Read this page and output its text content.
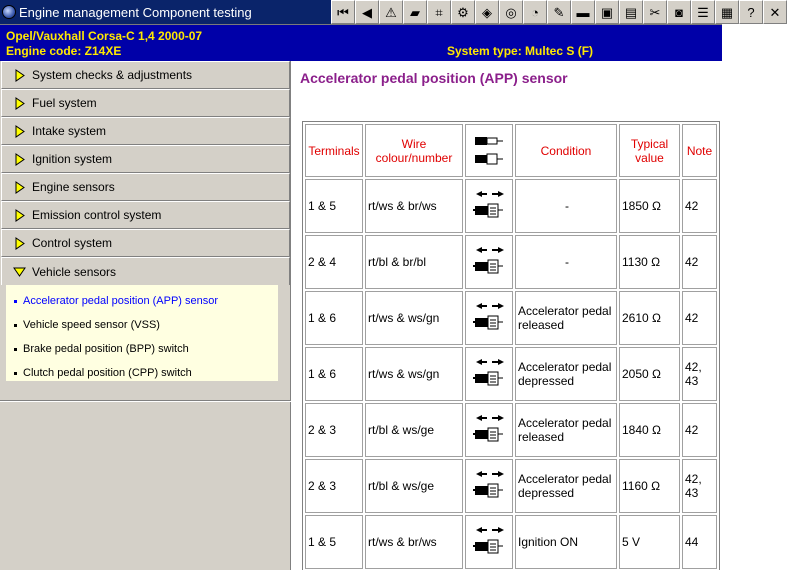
Engine management Component testing	⏮ ◀ ⚠ ▰ ⌗ ⚙ ◈ ◎ ◔ ✎ ▬ ▣ ▤ ✂ ◙ ☰ ▦ ? ✕
Opel/Vauxhall Corsa-C 1,4 2000-07
Engine code: Z14XE	System type: Multec S (F)
System checks & adjustments
Fuel system
Intake system
Ignition system
Engine sensors
Emission control system
Control system
Vehicle sensors
Accelerator pedal position (APP) sensor
Vehicle speed sensor (VSS)
Brake pedal position (BPP) switch
Clutch pedal position (CPP) switch
Accelerator pedal position (APP) sensor
Terminals	Wire colour/number		Condition	Typical value	Note
1 & 5	rt/ws & br/ws		-	1850 Ω	42
2 & 4	rt/bl & br/bl		-	1130 Ω	42
1 & 6	rt/ws & ws/gn		Accelerator pedal released	2610 Ω	42
1 & 6	rt/ws & ws/gn		Accelerator pedal depressed	2050 Ω	42, 43
2 & 3	rt/bl & ws/ge		Accelerator pedal released	1840 Ω	42
2 & 3	rt/bl & ws/ge		Accelerator pedal depressed	1160 Ω	42, 43
1 & 5	rt/ws & br/ws		Ignition ON	5 V	44
